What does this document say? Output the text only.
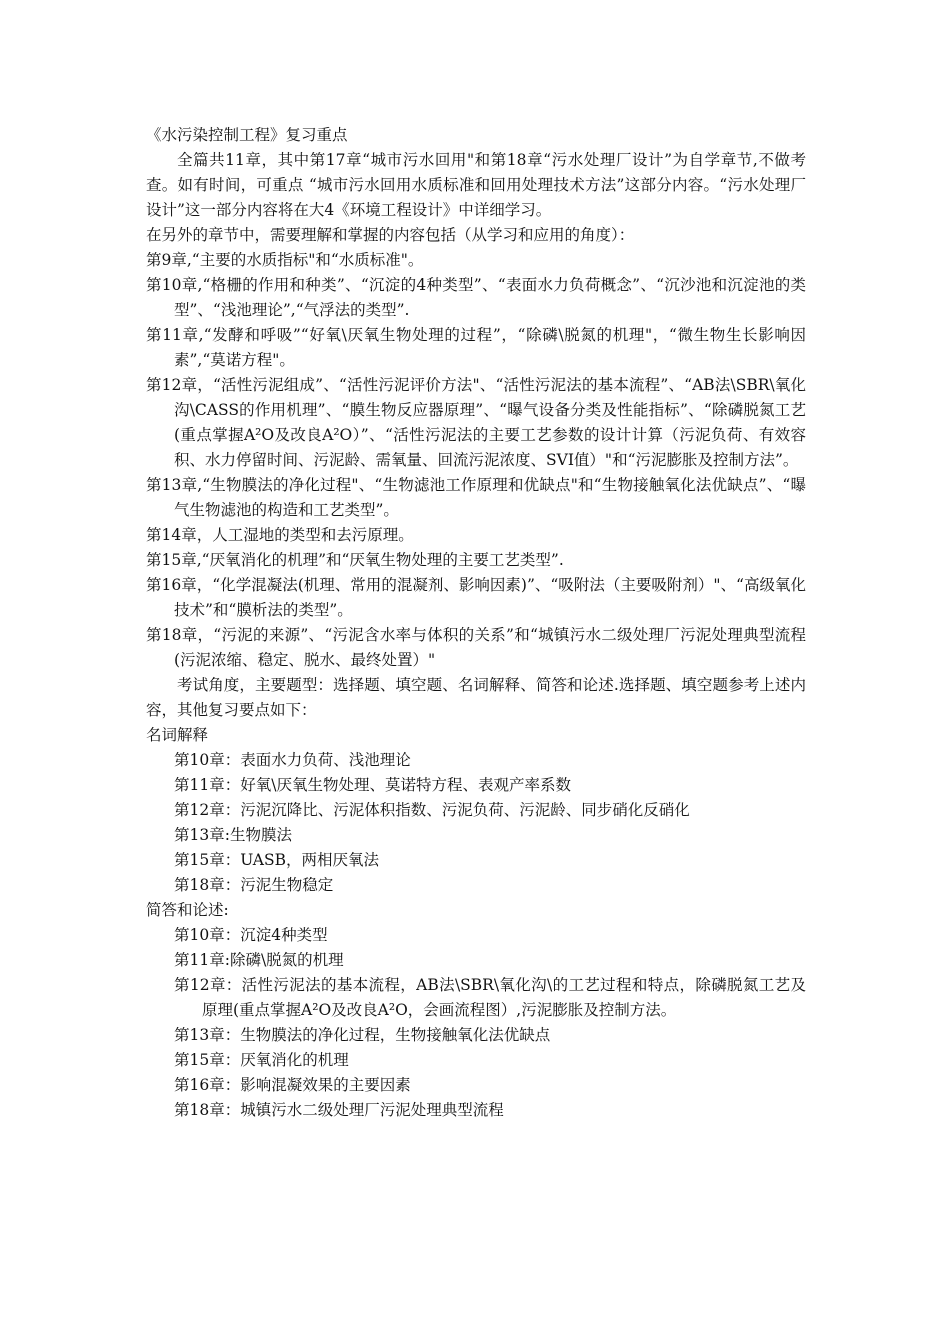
《水污染控制工程》复习重点
全篇共11章，其中第17章“城市污水回用"和第18章“污水处理厂设计”为自学章节,不做考查。如有时间，可重点 “城市污水回用水质标准和回用处理技术方法”这部分内容。“污水处理厂设计”这一部分内容将在大4《环境工程设计》中详细学习。
在另外的章节中，需要理解和掌握的内容包括（从学习和应用的角度）：
第9章,“主要的水质指标"和“水质标准"。
第10章,“格栅的作用和种类”、“沉淀的4种类型”、“表面水力负荷概念”、“沉沙池和沉淀池的类型”、“浅池理论”,“气浮法的类型”.
第11章,“发酵和呼吸”“好氧\厌氧生物处理的过程”，“除磷\脱氮的机理"，“微生物生长影响因素”,“莫诺方程"。
第12章，“活性污泥组成”、“活性污泥评价方法"、“活性污泥法的基本流程”、“AB法\SBR\氧化沟\CASS的作用机理”、“膜生物反应器原理”、“曝气设备分类及性能指标”、“除磷脱氮工艺(重点掌握A²O及改良A²O）”、“活性污泥法的主要工艺参数的设计计算（污泥负荷、有效容积、水力停留时间、污泥龄、需氧量、回流污泥浓度、SVI值）"和“污泥膨胀及控制方法”。
第13章,“生物膜法的净化过程"、“生物滤池工作原理和优缺点"和“生物接触氧化法优缺点”、“曝气生物滤池的构造和工艺类型”。
第14章，人工湿地的类型和去污原理。
第15章,“厌氧消化的机理”和“厌氧生物处理的主要工艺类型”.
第16章，“化学混凝法(机理、常用的混凝剂、影响因素)”、“吸附法（主要吸附剂）"、“高级氧化技术”和“膜析法的类型”。
第18章，“污泥的来源”、“污泥含水率与体积的关系”和“城镇污水二级处理厂污泥处理典型流程(污泥浓缩、稳定、脱水、最终处置）"
考试角度，主要题型：选择题、填空题、名词解释、简答和论述.选择题、填空题参考上述内容，其他复习要点如下：
名词解释
第10章：表面水力负荷、浅池理论
第11章：好氧\厌氧生物处理、莫诺特方程、表观产率系数
第12章：污泥沉降比、污泥体积指数、污泥负荷、污泥龄、同步硝化反硝化
第13章:生物膜法
第15章：UASB，两相厌氧法
第18章：污泥生物稳定
简答和论述:
第10章：沉淀4种类型
第11章:除磷\脱氮的机理
第12章：活性污泥法的基本流程，AB法\SBR\氧化沟\的工艺过程和特点，除磷脱氮工艺及原理(重点掌握A²O及改良A²O，会画流程图）,污泥膨胀及控制方法。
第13章：生物膜法的净化过程，生物接触氧化法优缺点
第15章：厌氧消化的机理
第16章：影响混凝效果的主要因素
第18章：城镇污水二级处理厂污泥处理典型流程
